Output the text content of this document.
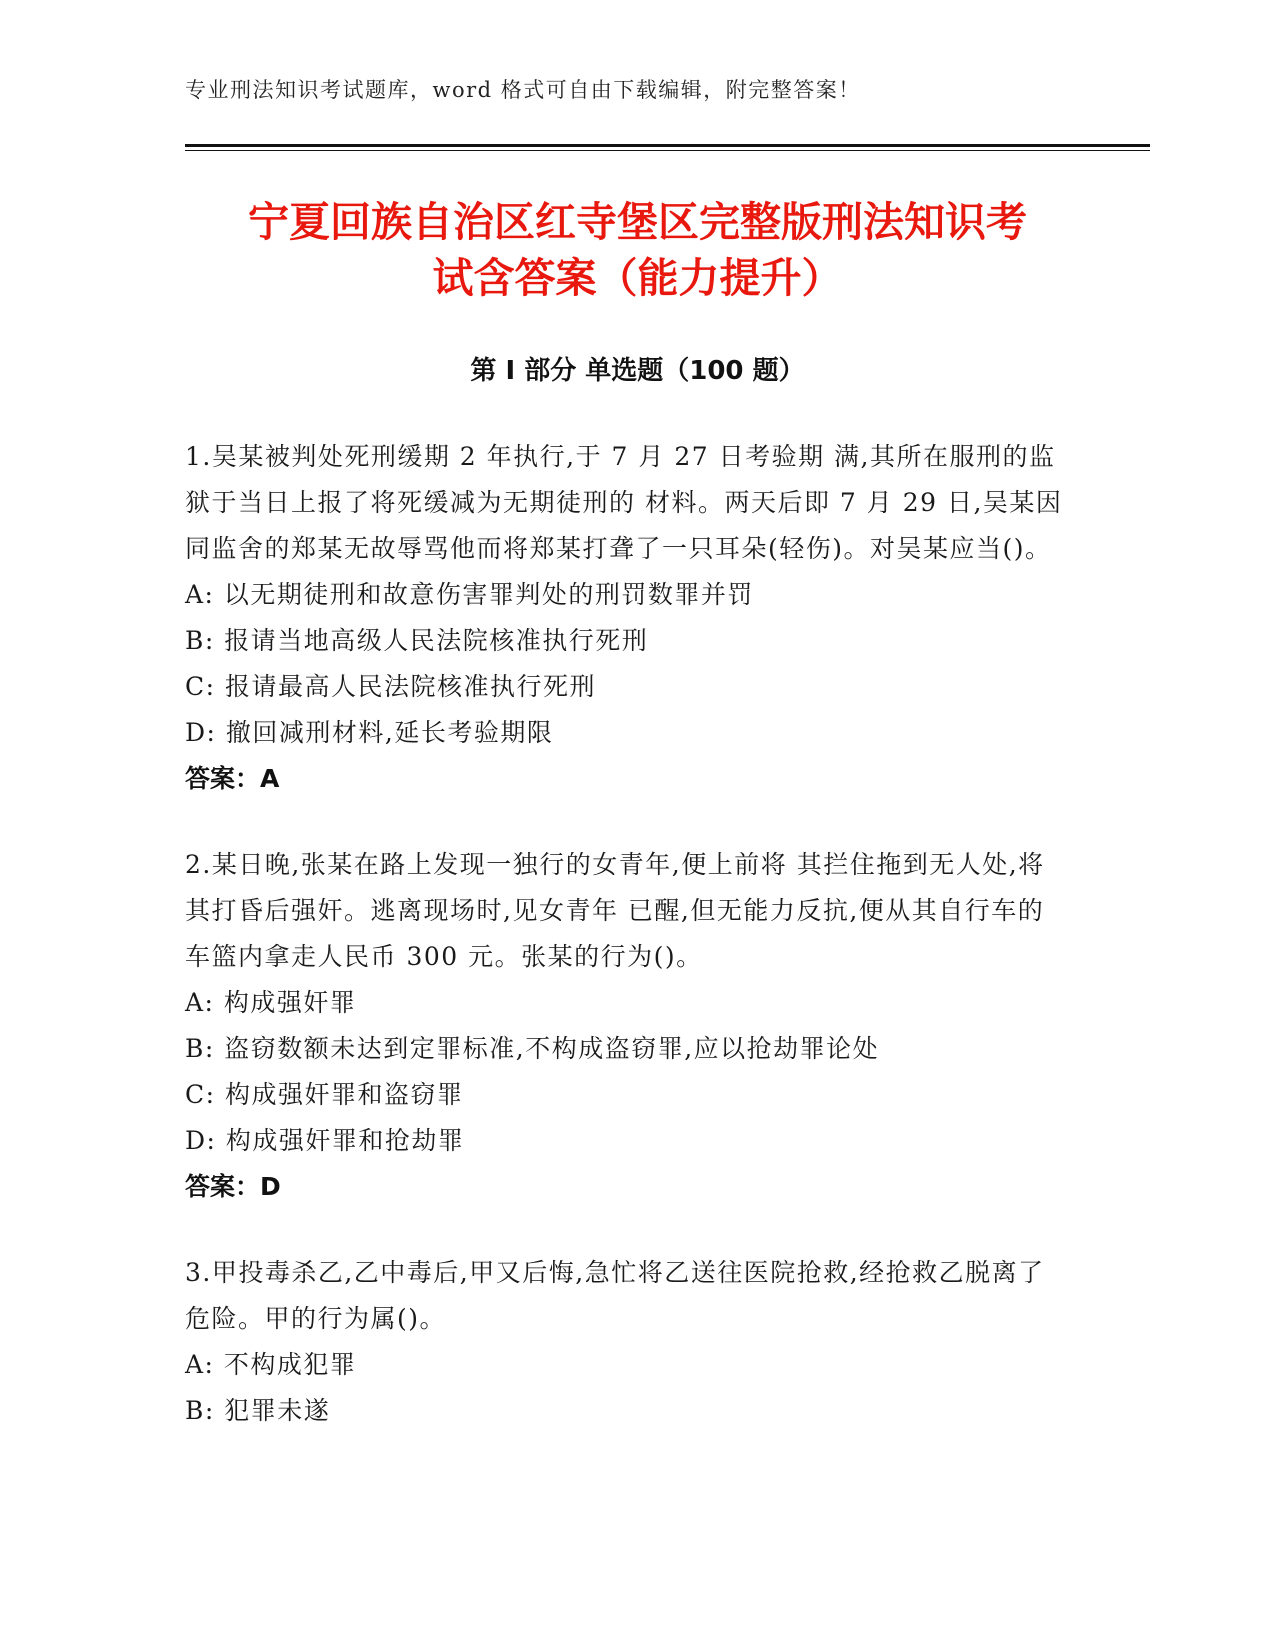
专业刑法知识考试题库，word 格式可自由下载编辑，附完整答案！
宁夏回族自治区红寺堡区完整版刑法知识考
试含答案（能力提升）
第 I 部分 单选题（100 题）
1.吴某被判处死刑缓期 2 年执行,于 7 月 27 日考验期 满,其所在服刑的监狱于当日上报了将死缓减为无期徒刑的 材料。两天后即 7 月 29 日,吴某因同监舍的郑某无故辱骂他而将郑某打聋了一只耳朵(轻伤)。对吴某应当()。
A: 以无期徒刑和故意伤害罪判处的刑罚数罪并罚
B: 报请当地高级人民法院核准执行死刑
C: 报请最高人民法院核准执行死刑
D: 撤回减刑材料,延长考验期限
答案：A
2.某日晚,张某在路上发现一独行的女青年,便上前将 其拦住拖到无人处,将其打昏后强奸。逃离现场时,见女青年 已醒,但无能力反抗,便从其自行车的车篮内拿走人民币 300 元。张某的行为()。
A: 构成强奸罪
B: 盗窃数额未达到定罪标准,不构成盗窃罪,应以抢劫罪论处
C: 构成强奸罪和盗窃罪
D: 构成强奸罪和抢劫罪
答案：D
3.甲投毒杀乙,乙中毒后,甲又后悔,急忙将乙送往医院抢救,经抢救乙脱离了危险。甲的行为属()。
A: 不构成犯罪
B: 犯罪未遂
